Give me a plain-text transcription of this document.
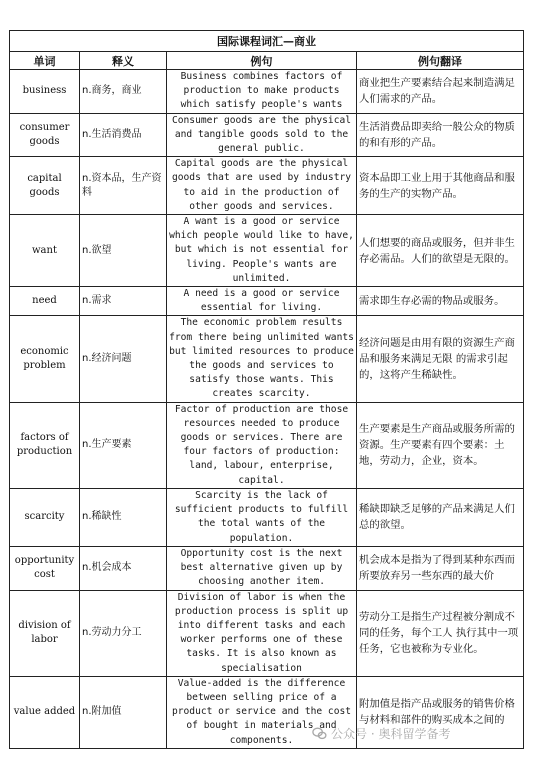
国际课程词汇—商业			
单词	释义	例句	例句翻译
business	n.商务，商业	Business combines factors of production to make products which satisfy people's wants	商业把生产要素结合起来制造满足人们需求的产品。
consumer goods	n.生活消费品	Consumer goods are the physical and tangible goods sold to the general public.	生活消费品即卖给一般公众的物质的和有形的产品。
capital goods	n.资本品，生产资料	Capital goods are the physical goods that are used by industry to aid in the production of other goods and services.	资本品即工业上用于其他商品和服务的生产的实物产品。
want	n.欲望	A want is a good or service which people would like to have, but which is not essential for living. People's wants are unlimited.	人们想要的商品或服务，但并非生存必需品。人们的欲望是无限的。
need	n.需求	A need is a good or service essential for living.	需求即生存必需的物品或服务。
economic problem	n.经济问题	The economic problem results from there being unlimited wants but limited resources to produce the goods and services to satisfy those wants. This creates scarcity.	经济问题是由用有限的资源生产商品和服务来满足无限 的需求引起的，这将产生稀缺性。
factors of production	n.生产要素	Factor of production are those resources needed to produce goods or services. There are four factors of production: land, labour, enterprise, capital.	生产要素是生产商品或服务所需的资源。生产要素有四个要素：土地，劳动力，企业，资本。
scarcity	n.稀缺性	Scarcity is the lack of sufficient products to fulfill the total wants of the population.	稀缺即缺乏足够的产品来满足人们总的欲望。
opportunity cost	n.机会成本	Opportunity cost is the next best alternative given up by choosing another item.	机会成本是指为了得到某种东西而所要放弃另一些东西的最大价
division of labor	n.劳动力分工	Division of labor is when the production process is split up into different tasks and each worker performs one of these tasks. It is also known as specialisation	劳动分工是指生产过程被分割成不同的任务，每个工人 执行其中一项任务，它也被称为专业化。
value added	n.附加值	Value-added is the difference between selling price of a product or service and the cost of bought in materials and components.	附加值是指产品或服务的销售价格与材料和部件的购买成本之间的
公众号 · 奥科留学备考
